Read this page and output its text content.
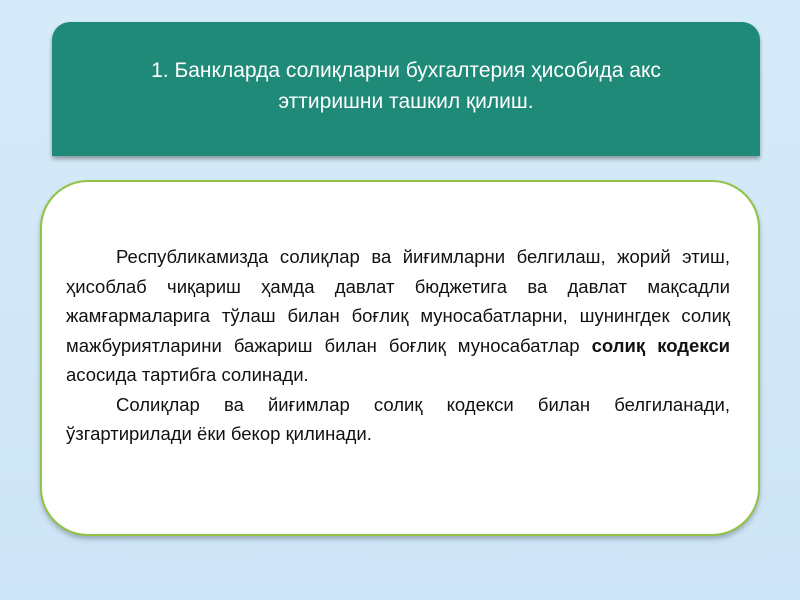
1. Банкларда солиқларни бухгалтерия ҳисобида акс эттиришни ташкил қилиш.

Республикамизда солиқлар ва йиғимларни белгилаш, жорий этиш, ҳисоблаб чиқариш ҳамда давлат бюджетига ва давлат мақсадли жамғармаларига тўлаш билан боғлиқ муносабатларни, шунингдек солиқ мажбуриятларини бажариш билан боғлиқ муносабатлар солиқ кодекси асосида тартибга солинади.

Солиқлар ва йиғимлар солиқ кодекси билан белгиланади, ўзгартирилади ёки бекор қилинади.
